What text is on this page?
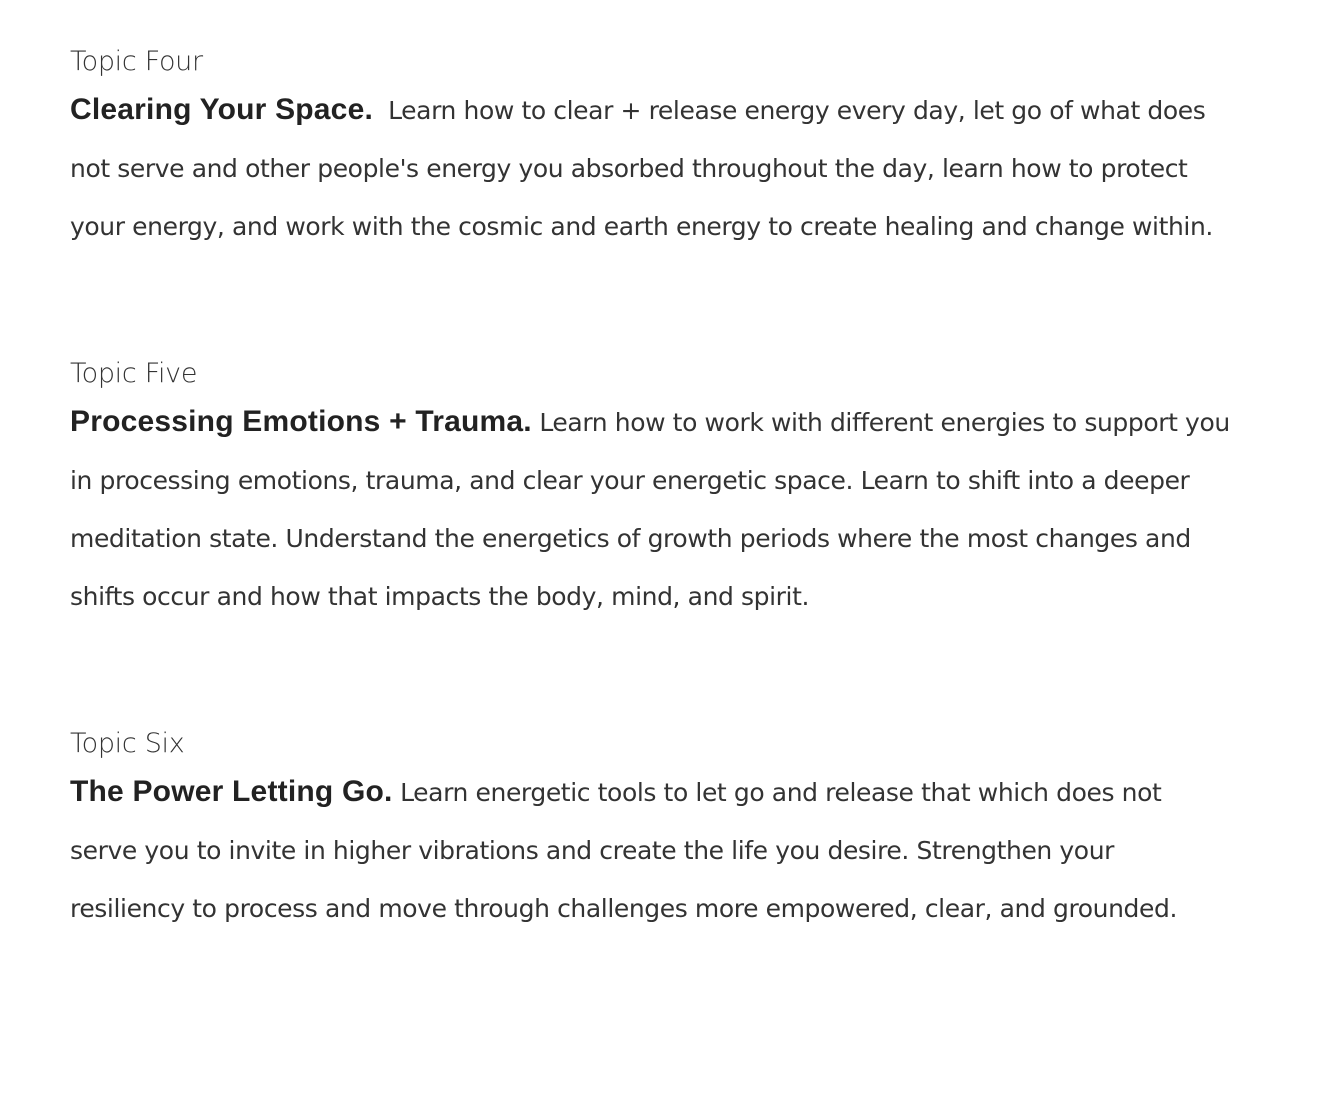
Topic Four

Clearing Your Space. Learn how to clear + release energy every day, let go of what does not serve and other people's energy you absorbed throughout the day, learn how to protect your energy, and work with the cosmic and earth energy to create healing and change within.

Topic Five

Processing Emotions + Trauma. Learn how to work with different energies to support you in processing emotions, trauma, and clear your energetic space. Learn to shift into a deeper meditation state. Understand the energetics of growth periods where the most changes and shifts occur and how that impacts the body, mind, and spirit.

Topic Six

The Power Letting Go. Learn energetic tools to let go and release that which does not serve you to invite in higher vibrations and create the life you desire. Strengthen your resiliency to process and move through challenges more empowered, clear, and grounded.
